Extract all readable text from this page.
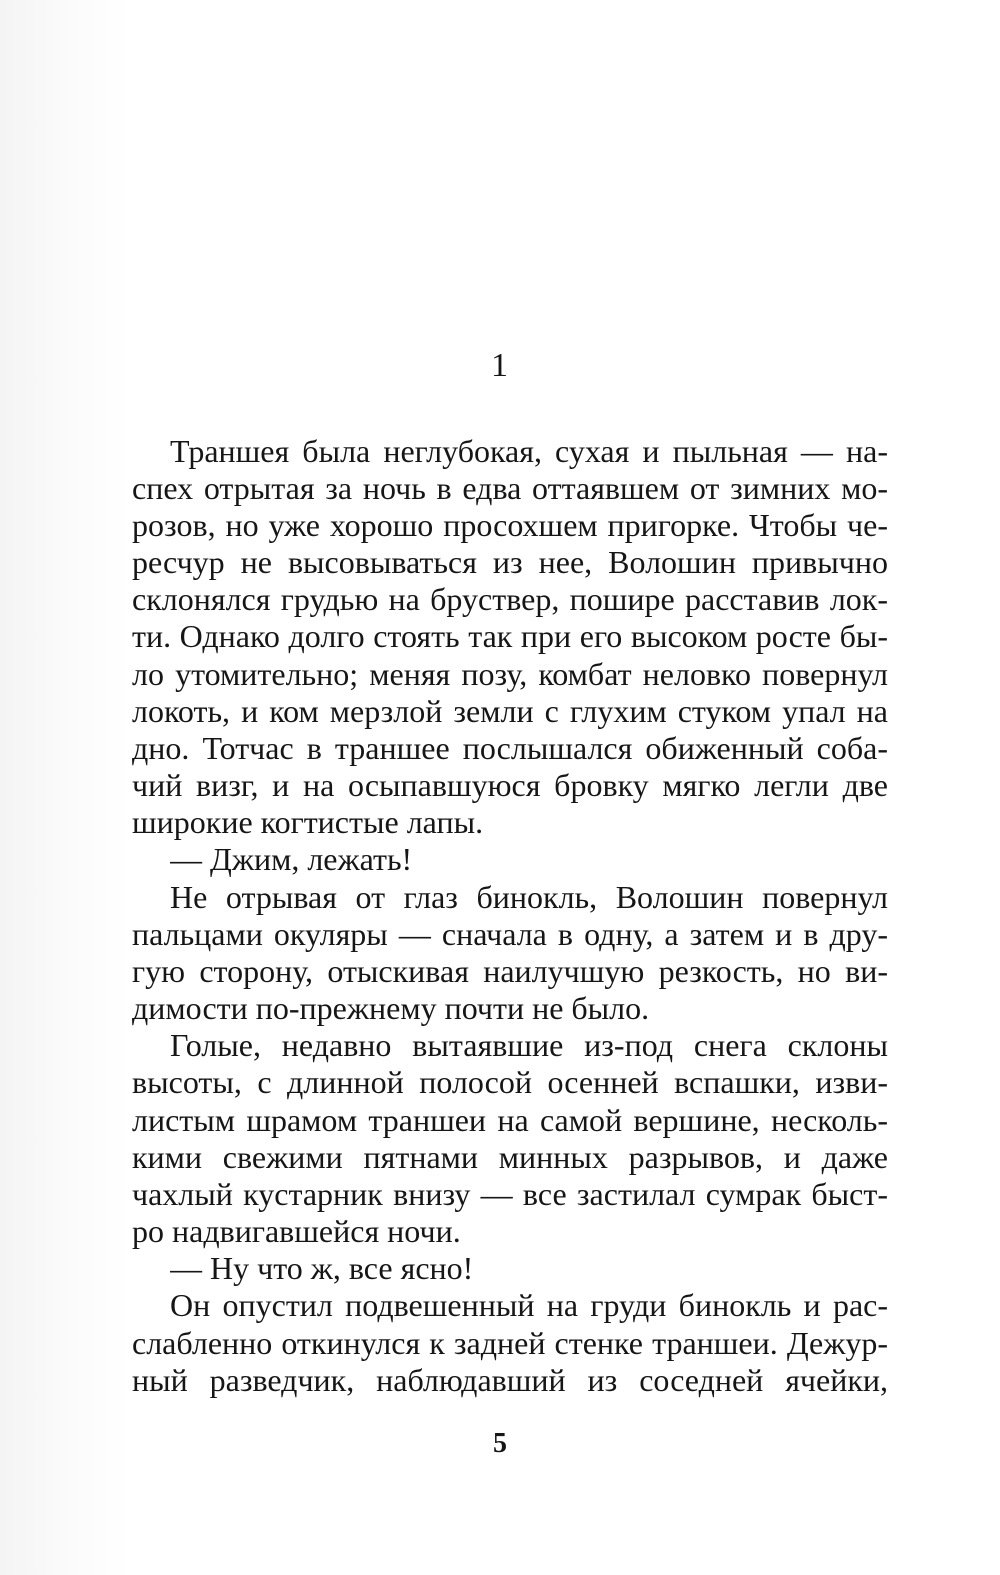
1
Траншея была неглубокая, сухая и пыльная — на-
спех отрытая за ночь в едва оттаявшем от зимних мо-
розов, но уже хорошо просохшем пригорке. Чтобы че-
ресчур не высовываться из нее, Волошин привычно
склонялся грудью на бруствер, пошире расставив лок-
ти. Однако долго стоять так при его высоком росте бы-
ло утомительно; меняя позу, комбат неловко повернул
локоть, и ком мерзлой земли с глухим стуком упал на
дно. Тотчас в траншее послышался обиженный соба-
чий визг, и на осыпавшуюся бровку мягко легли две
широкие когтистые лапы.
— Джим, лежать!
Не отрывая от глаз бинокль, Волошин повернул
пальцами окуляры — сначала в одну, а затем и в дру-
гую сторону, отыскивая наилучшую резкость, но ви-
димости по-прежнему почти не было.
Голые, недавно вытаявшие из-под снега склоны
высоты, с длинной полосой осенней вспашки, изви-
листым шрамом траншеи на самой вершине, несколь-
кими свежими пятнами минных разрывов, и даже
чахлый кустарник внизу — все застилал сумрак быст-
ро надвигавшейся ночи.
— Ну что ж, все ясно!
Он опустил подвешенный на груди бинокль и рас-
слабленно откинулся к задней стенке траншеи. Дежур-
ный разведчик, наблюдавший из соседней ячейки,
5
